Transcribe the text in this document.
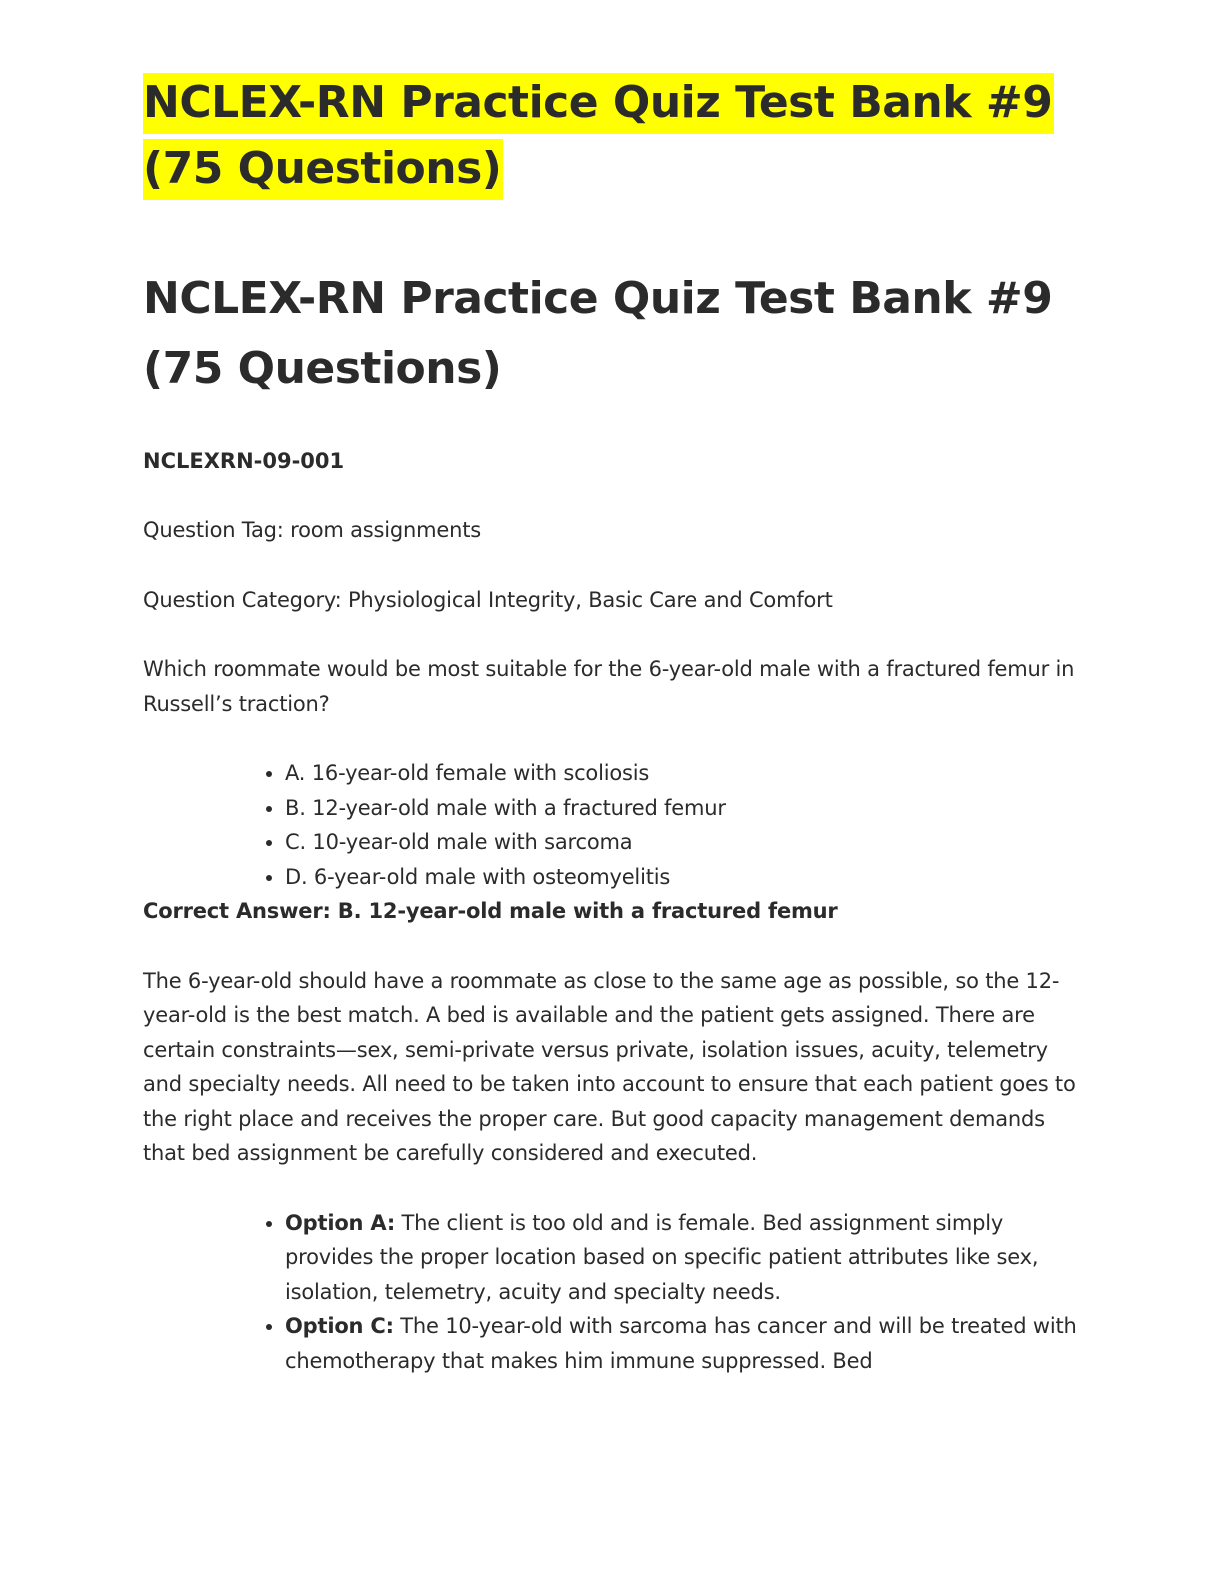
NCLEX-RN Practice Quiz Test Bank #9 (75 Questions)
NCLEX-RN Practice Quiz Test Bank #9 (75 Questions)
NCLEXRN-09-001

Question Tag: room assignments

Question Category: Physiological Integrity, Basic Care and Comfort

Which roommate would be most suitable for the 6-year-old male with a fractured femur in Russell’s traction?

• A. 16-year-old female with scoliosis
• B. 12-year-old male with a fractured femur
• C. 10-year-old male with sarcoma
• D. 6-year-old male with osteomyelitis

Correct Answer: B. 12-year-old male with a fractured femur

The 6-year-old should have a roommate as close to the same age as possible, so the 12-year-old is the best match. A bed is available and the patient gets assigned. There are certain constraints—sex, semi-private versus private, isolation issues, acuity, telemetry and specialty needs. All need to be taken into account to ensure that each patient goes to the right place and receives the proper care. But good capacity management demands that bed assignment be carefully considered and executed.

• Option A: The client is too old and is female. Bed assignment simply provides the proper location based on specific patient attributes like sex, isolation, telemetry, acuity and specialty needs.
• Option C: The 10-year-old with sarcoma has cancer and will be treated with chemotherapy that makes him immune suppressed. Bed
